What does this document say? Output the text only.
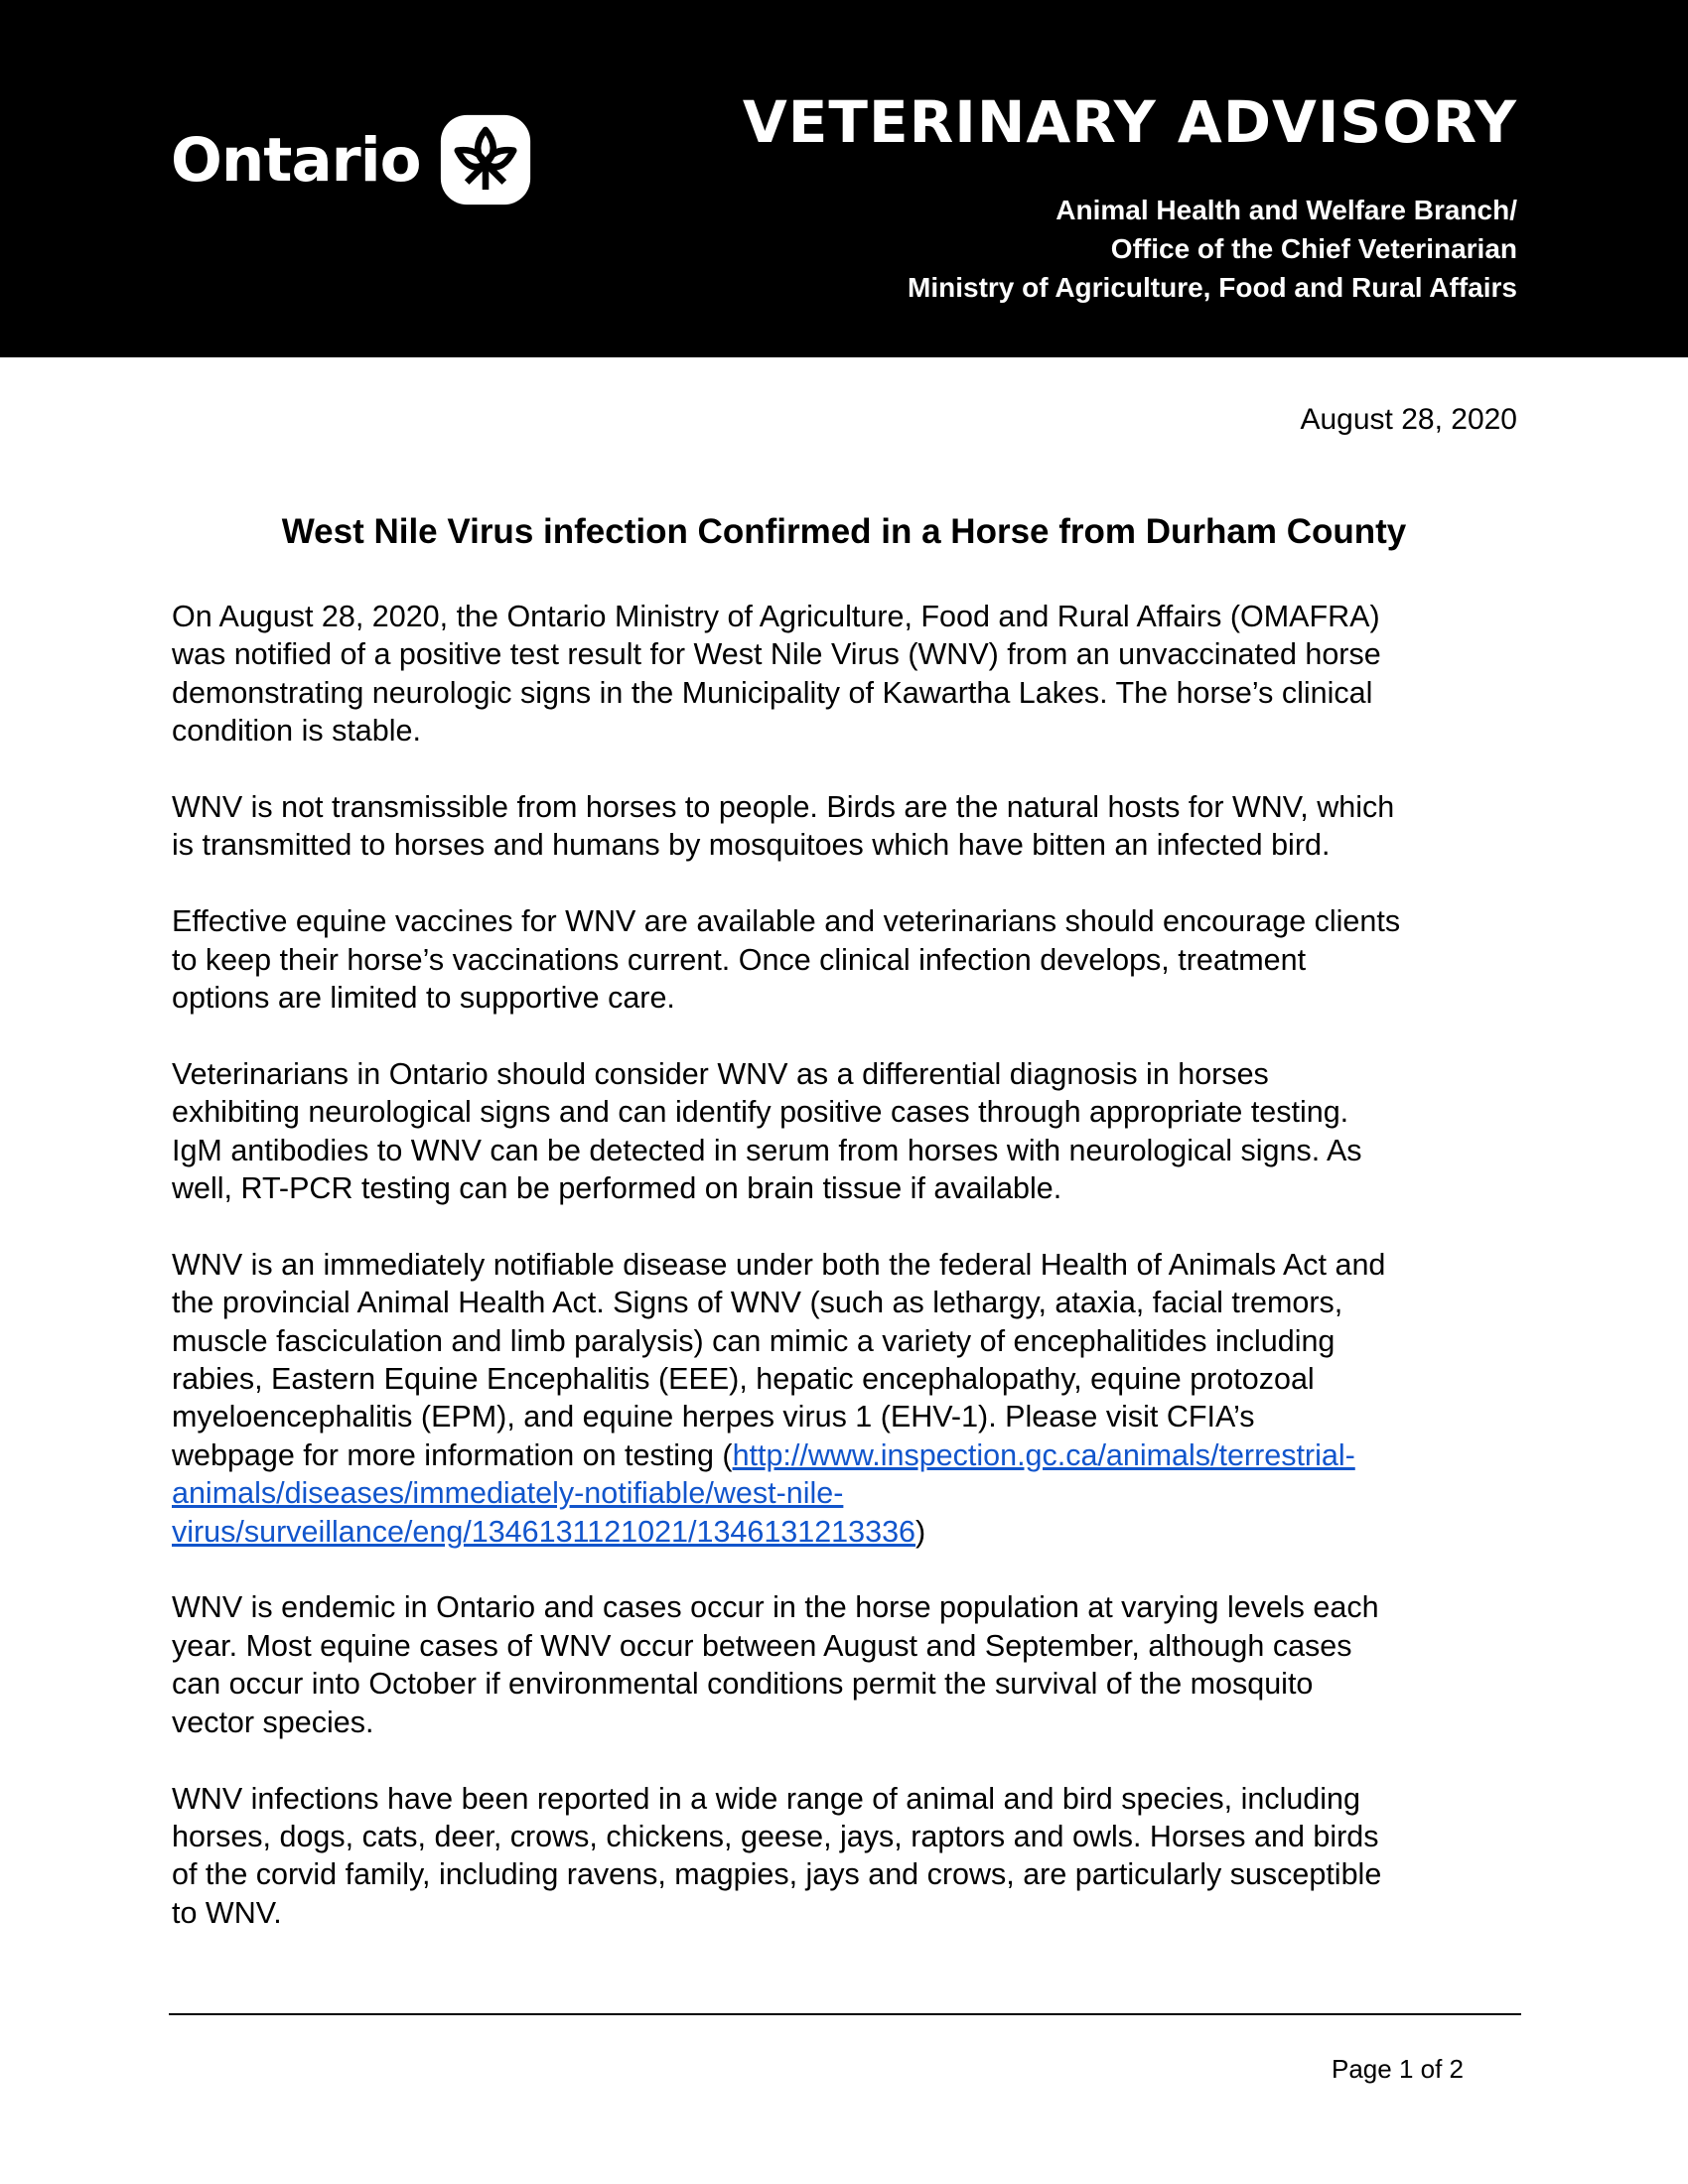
Ontario
VETERINARY ADVISORY
Animal Health and Welfare Branch/
Office of the Chief Veterinarian
Ministry of Agriculture, Food and Rural Affairs
August 28, 2020
West Nile Virus infection Confirmed in a Horse from Durham County

On August 28, 2020, the Ontario Ministry of Agriculture, Food and Rural Affairs (OMAFRA)
was notified of a positive test result for West Nile Virus (WNV) from an unvaccinated horse
demonstrating neurologic signs in the Municipality of Kawartha Lakes. The horse’s clinical
condition is stable.

WNV is not transmissible from horses to people. Birds are the natural hosts for WNV, which
is transmitted to horses and humans by mosquitoes which have bitten an infected bird.

Effective equine vaccines for WNV are available and veterinarians should encourage clients
to keep their horse’s vaccinations current. Once clinical infection develops, treatment
options are limited to supportive care.

Veterinarians in Ontario should consider WNV as a differential diagnosis in horses
exhibiting neurological signs and can identify positive cases through appropriate testing.
IgM antibodies to WNV can be detected in serum from horses with neurological signs. As
well, RT-PCR testing can be performed on brain tissue if available.

WNV is an immediately notifiable disease under both the federal Health of Animals Act and
the provincial Animal Health Act. Signs of WNV (such as lethargy, ataxia, facial tremors,
muscle fasciculation and limb paralysis) can mimic a variety of encephalitides including
rabies, Eastern Equine Encephalitis (EEE), hepatic encephalopathy, equine protozoal
myeloencephalitis (EPM), and equine herpes virus 1 (EHV-1). Please visit CFIA’s
webpage for more information on testing (http://www.inspection.gc.ca/animals/terrestrial-
animals/diseases/immediately-notifiable/west-nile-
virus/surveillance/eng/1346131121021/1346131213336)

WNV is endemic in Ontario and cases occur in the horse population at varying levels each
year. Most equine cases of WNV occur between August and September, although cases
can occur into October if environmental conditions permit the survival of the mosquito
vector species.

WNV infections have been reported in a wide range of animal and bird species, including
horses, dogs, cats, deer, crows, chickens, geese, jays, raptors and owls. Horses and birds
of the corvid family, including ravens, magpies, jays and crows, are particularly susceptible
to WNV.

Page 1 of 2
